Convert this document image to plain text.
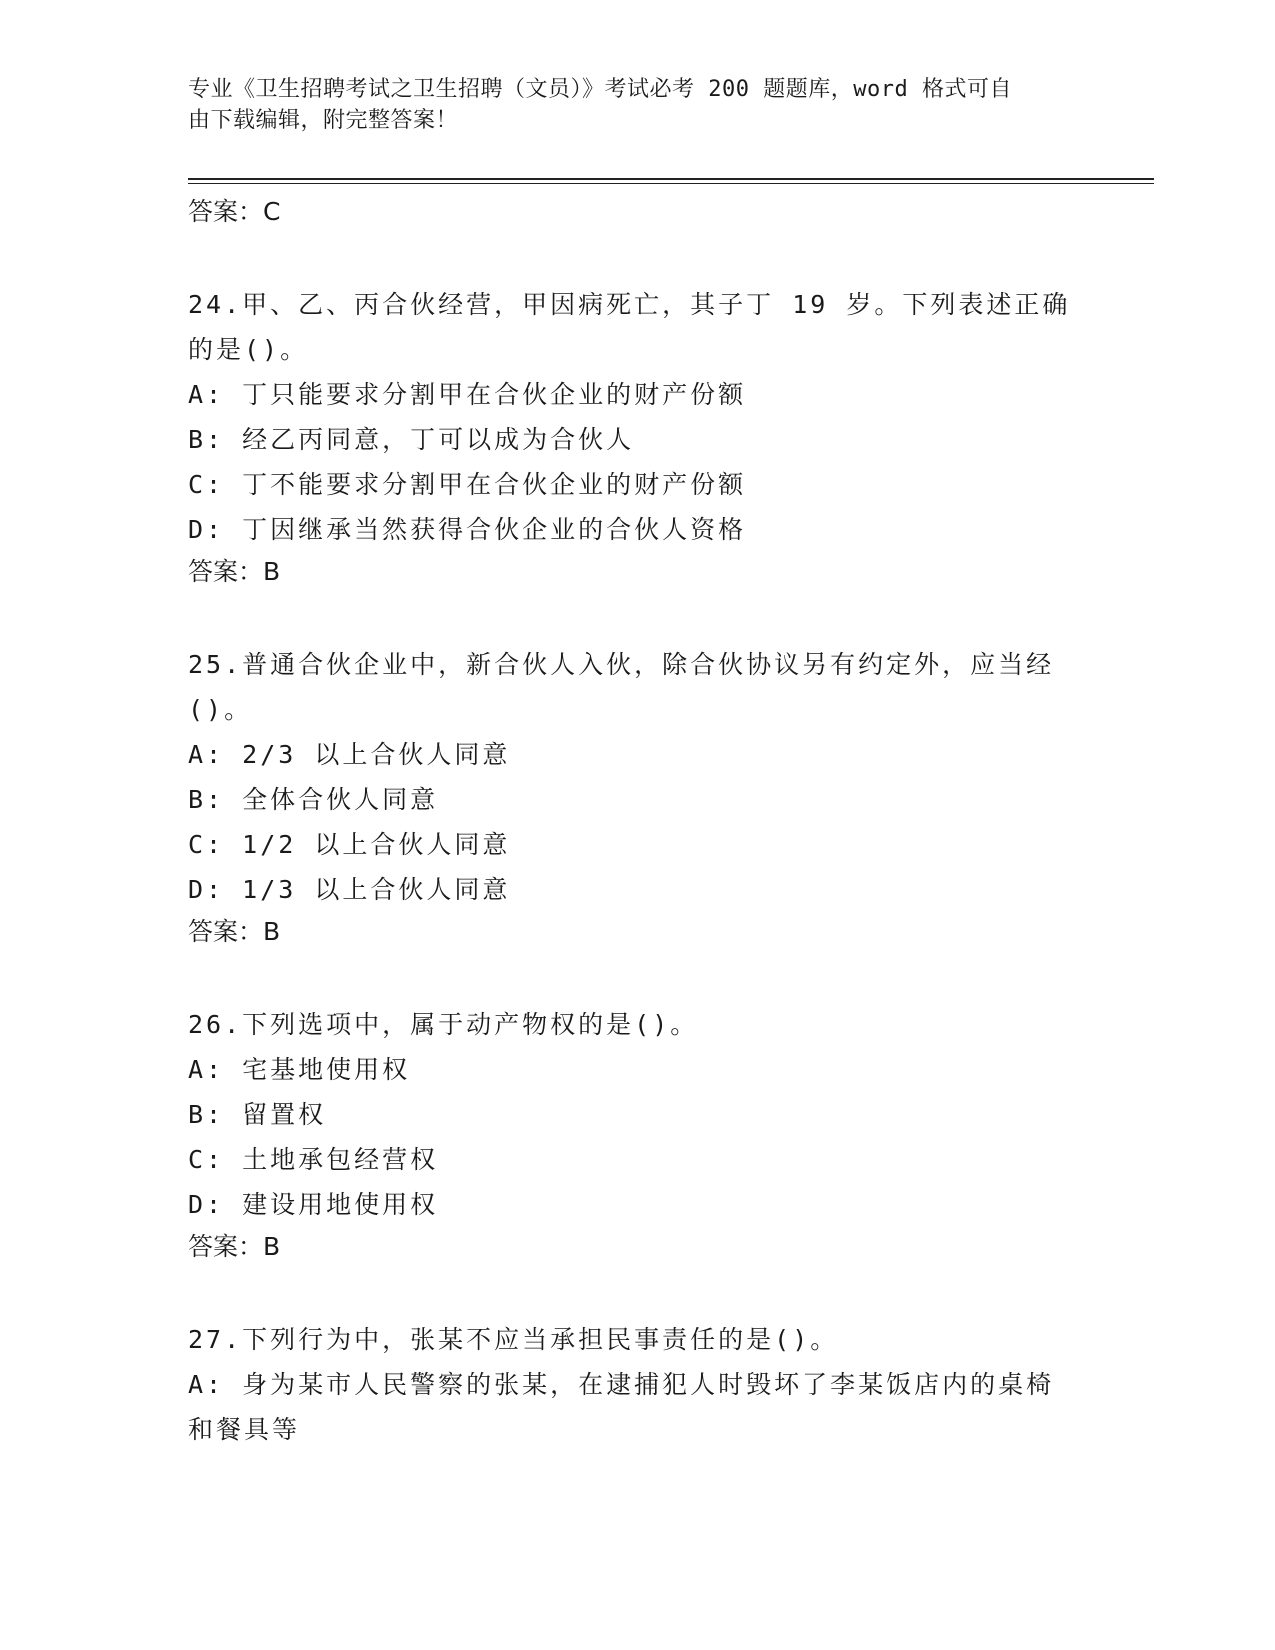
专业《卫生招聘考试之卫生招聘（文员）》考试必考 200 题题库，word 格式可自
由下载编辑，附完整答案！

答案：C

24.甲、乙、丙合伙经营，甲因病死亡，其子丁 19 岁。下列表述正确

的是()。

A: 丁只能要求分割甲在合伙企业的财产份额

B: 经乙丙同意，丁可以成为合伙人

C: 丁不能要求分割甲在合伙企业的财产份额

D: 丁因继承当然获得合伙企业的合伙人资格

答案：B

25.普通合伙企业中，新合伙人入伙，除合伙协议另有约定外，应当经

()。

A: 2/3 以上合伙人同意

B: 全体合伙人同意

C: 1/2 以上合伙人同意

D: 1/3 以上合伙人同意

答案：B

26.下列选项中，属于动产物权的是()。

A: 宅基地使用权

B: 留置权

C: 土地承包经营权

D: 建设用地使用权

答案：B

27.下列行为中，张某不应当承担民事责任的是()。

A: 身为某市人民警察的张某，在逮捕犯人时毁坏了李某饭店内的桌椅

和餐具等
